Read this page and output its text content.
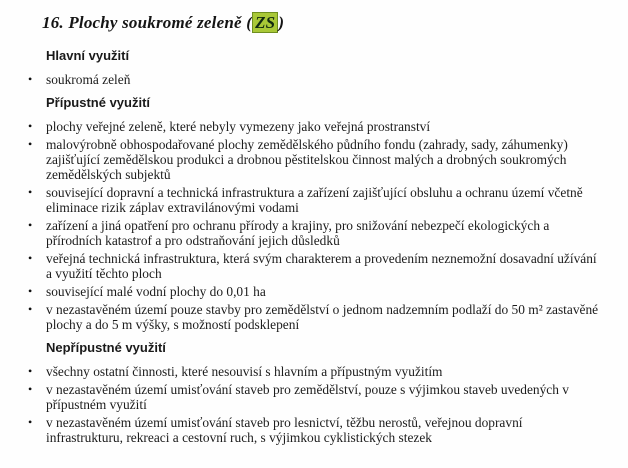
16. Plochy soukromé zeleně ( ZS )
Hlavní využití
•	soukromá zeleň
Přípustné využití
•	plochy veřejné zeleně, které nebyly vymezeny jako veřejná prostranství
•	malovýrobně obhospodařované plochy zemědělského půdního fondu (zahrady, sady, záhumenky) zajišťující zemědělskou produkci a drobnou pěstitelskou činnost malých a drobných soukromých zemědělských subjektů
•	související dopravní a technická infrastruktura a zařízení zajišťující obsluhu a ochranu území včetně eliminace rizik záplav extravilánovými vodami
•	zařízení a jiná opatření pro ochranu přírody a krajiny, pro snižování nebezpečí ekologických a přírodních katastrof a pro odstraňování jejich důsledků
•	veřejná technická infrastruktura, která svým charakterem a provedením neznemožní dosavadní užívání a využití těchto ploch
•	související malé vodní plochy do 0,01 ha
•	v nezastavěném území pouze stavby pro zemědělství o jednom nadzemním podlaží do 50 m² zastavěné plochy a do 5 m výšky, s možností podsklepení
Nepřípustné využití
•	všechny ostatní činnosti, které nesouvisí s hlavním a přípustným využitím
•	v nezastavěném území umisťování staveb pro zemědělství, pouze s výjimkou staveb uvedených v přípustném využití
•	v nezastavěném území umisťování staveb pro lesnictví, těžbu nerostů, veřejnou dopravní infrastrukturu, rekreaci a cestovní ruch, s výjimkou cyklistických stezek
